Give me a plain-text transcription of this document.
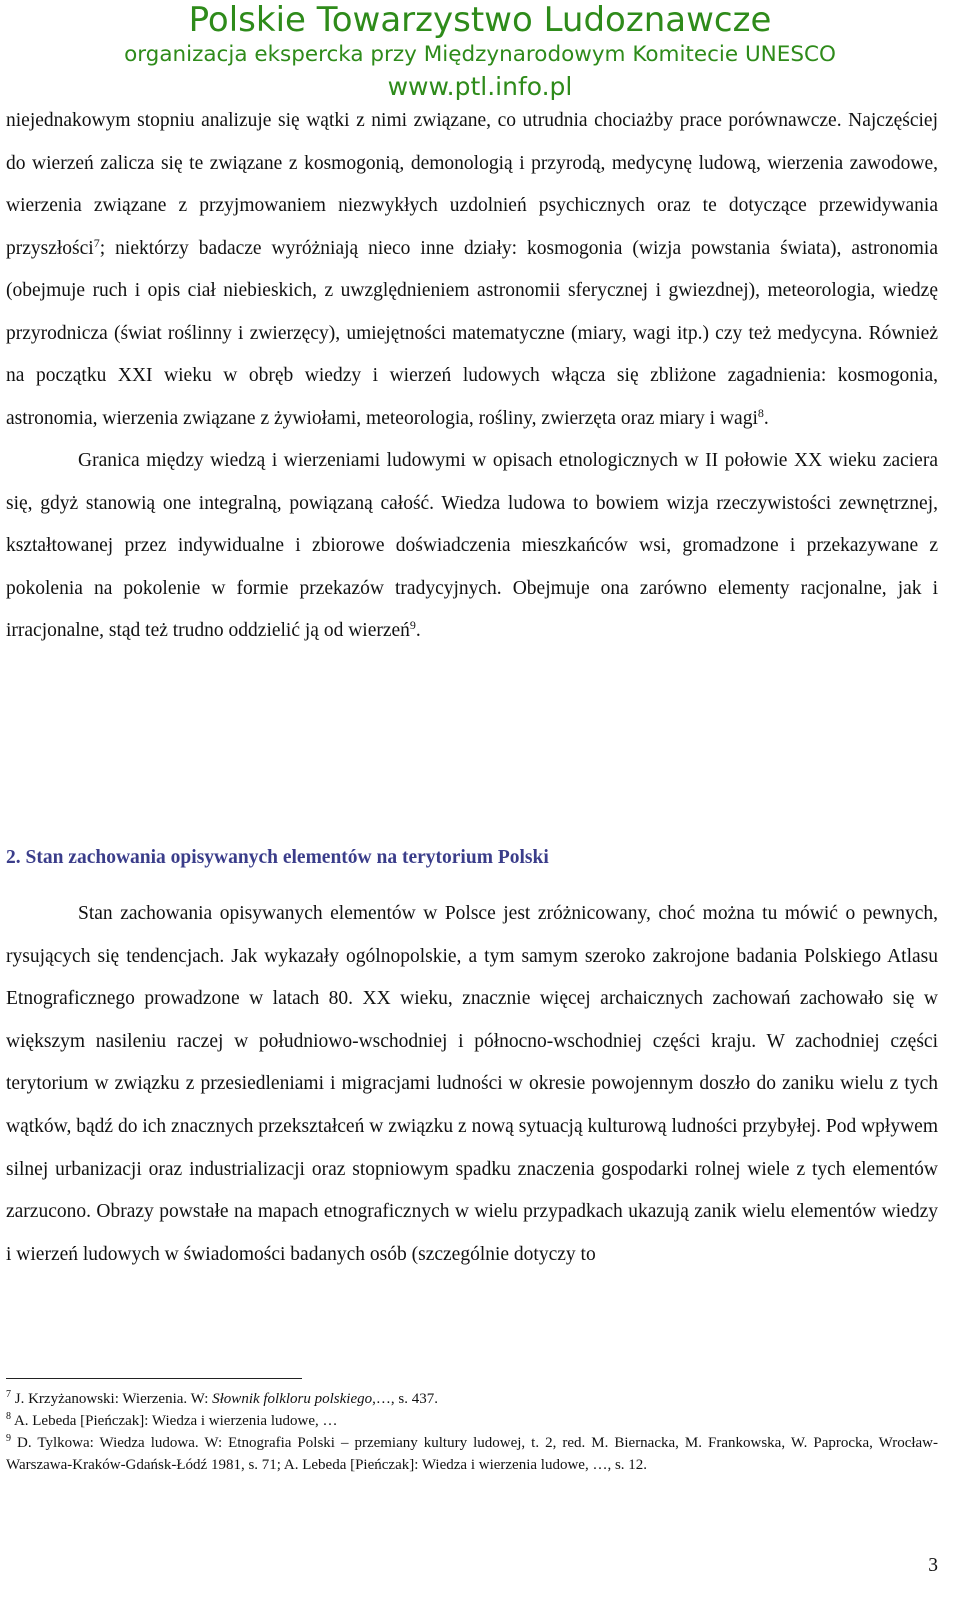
Polskie Towarzystwo Ludoznawcze
organizacja ekspercka przy Międzynarodowym Komitecie UNESCO
www.ptl.info.pl

niejednakowym stopniu analizuje się wątki z nimi związane, co utrudnia chociażby prace porównawcze. Najczęściej do wierzeń zalicza się te związane z kosmogonią, demonologią i przyrodą, medycynę ludową, wierzenia zawodowe, wierzenia związane z przyjmowaniem niezwykłych uzdolnień psychicznych oraz te dotyczące przewidywania przyszłości$^7$; niektórzy badacze wyróżniają nieco inne działy: kosmogonia (wizja powstania świata), astronomia (obejmuje ruch i opis ciał niebieskich, z uwzględnieniem astronomii sferycznej i gwiezdnej), meteorologia, wiedzę przyrodnicza (świat roślinny i zwierzęcy), umiejętności matematyczne (miary, wagi itp.) czy też medycyna. Również na początku XXI wieku w obręb wiedzy i wierzeń ludowych włącza się zbliżone zagadnienia: kosmogonia, astronomia, wierzenia związane z żywiołami, meteorologia, rośliny, zwierzęta oraz miary i wagi$^8$.

Granica między wiedzą i wierzeniami ludowymi w opisach etnologicznych w II połowie XX wieku zaciera się, gdyż stanowią one integralną, powiązaną całość. Wiedza ludowa to bowiem wizja rzeczywistości zewnętrznej, kształtowanej przez indywidualne i zbiorowe doświadczenia mieszkańców wsi, gromadzone i przekazywane z pokolenia na pokolenie w formie przekazów tradycyjnych. Obejmuje ona zarówno elementy racjonalne, jak i irracjonalne, stąd też trudno oddzielić ją od wierzeń$^9$.

2. Stan zachowania opisywanych elementów na terytorium Polski

Stan zachowania opisywanych elementów w Polsce jest zróżnicowany, choć można tu mówić o pewnych, rysujących się tendencjach. Jak wykazały ogólnopolskie, a tym samym szeroko zakrojone badania Polskiego Atlasu Etnograficznego prowadzone w latach 80. XX wieku, znacznie więcej archaicznych zachowań zachowało się w większym nasileniu raczej w południowo-wschodniej i północno-wschodniej części kraju. W zachodniej części terytorium w związku z przesiedleniami i migracjami ludności w okresie powojennym doszło do zaniku wielu z tych wątków, bądź do ich znacznych przekształceń w związku z nową sytuacją kulturową ludności przybyłej. Pod wpływem silnej urbanizacji oraz industrializacji oraz stopniowym spadku znaczenia gospodarki rolnej wiele z tych elementów zarzucono. Obrazy powstałe na mapach etnograficznych w wielu przypadkach ukazują zanik wielu elementów wiedzy i wierzeń ludowych w świadomości badanych osób (szczególnie dotyczy to

$^7$ J. Krzyżanowski: Wierzenia. W: Słownik folkloru polskiego,…, s. 437.

$^8$ A. Lebeda [Pieńczak]: Wiedza i wierzenia ludowe, …

$^9$ D. Tylkowa: Wiedza ludowa. W: Etnografia Polski – przemiany kultury ludowej, t. 2, red. M. Biernacka, M. Frankowska, W. Paprocka, Wrocław-Warszawa-Kraków-Gdańsk-Łódź 1981, s. 71; A. Lebeda [Pieńczak]: Wiedza i wierzenia ludowe, …, s. 12.

3
